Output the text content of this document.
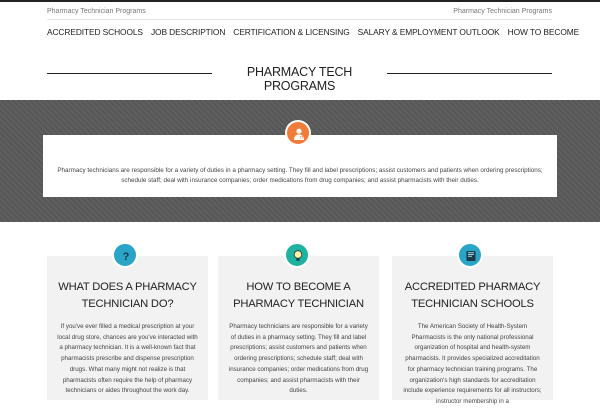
Pharmacy Technician Programs	Pharmacy Technician Programs
ACCREDITED SCHOOLS JOB DESCRIPTION CERTIFICATION & LICENSING SALARY & EMPLOYMENT OUTLOOK HOW TO BECOME
PHARMACY TECH PROGRAMS

Pharmacy technicians are responsible for a variety of duties in a pharmacy setting. They fill and label prescriptions; assist customers and patients when ordering prescriptions; schedule staff; deal with insurance companies; order medications from drug companies; and assist pharmacists with their duties.

WHAT DOES A PHARMACY TECHNICIAN DO?
If you've ever filled a medical prescription at your local drug store, chances are you've interacted with a pharmacy technician. It is a well-known fact that pharmacists prescribe and dispense prescription drugs. What many might not realize is that pharmacists often require the help of pharmacy technicians or aides throughout the work day.
?
HOW TO BECOME A PHARMACY TECHNICIAN
Pharmacy technicians are responsible for a variety of duties in a pharmacy setting. They fill and label prescriptions; assist customers and patients when ordering prescriptions; schedule staff; deal with insurance companies; order medications from drug companies; and assist pharmacists with their duties.
ACCREDITED PHARMACY TECHNICIAN SCHOOLS
The American Society of Health-System Pharmacists is the only national professional organization of hospital and health-system pharmacists. It provides specialized accreditation for pharmacy technician training programs. The organization's high standards for accreditation include experience requirements for all instructors; instructor membership in a
